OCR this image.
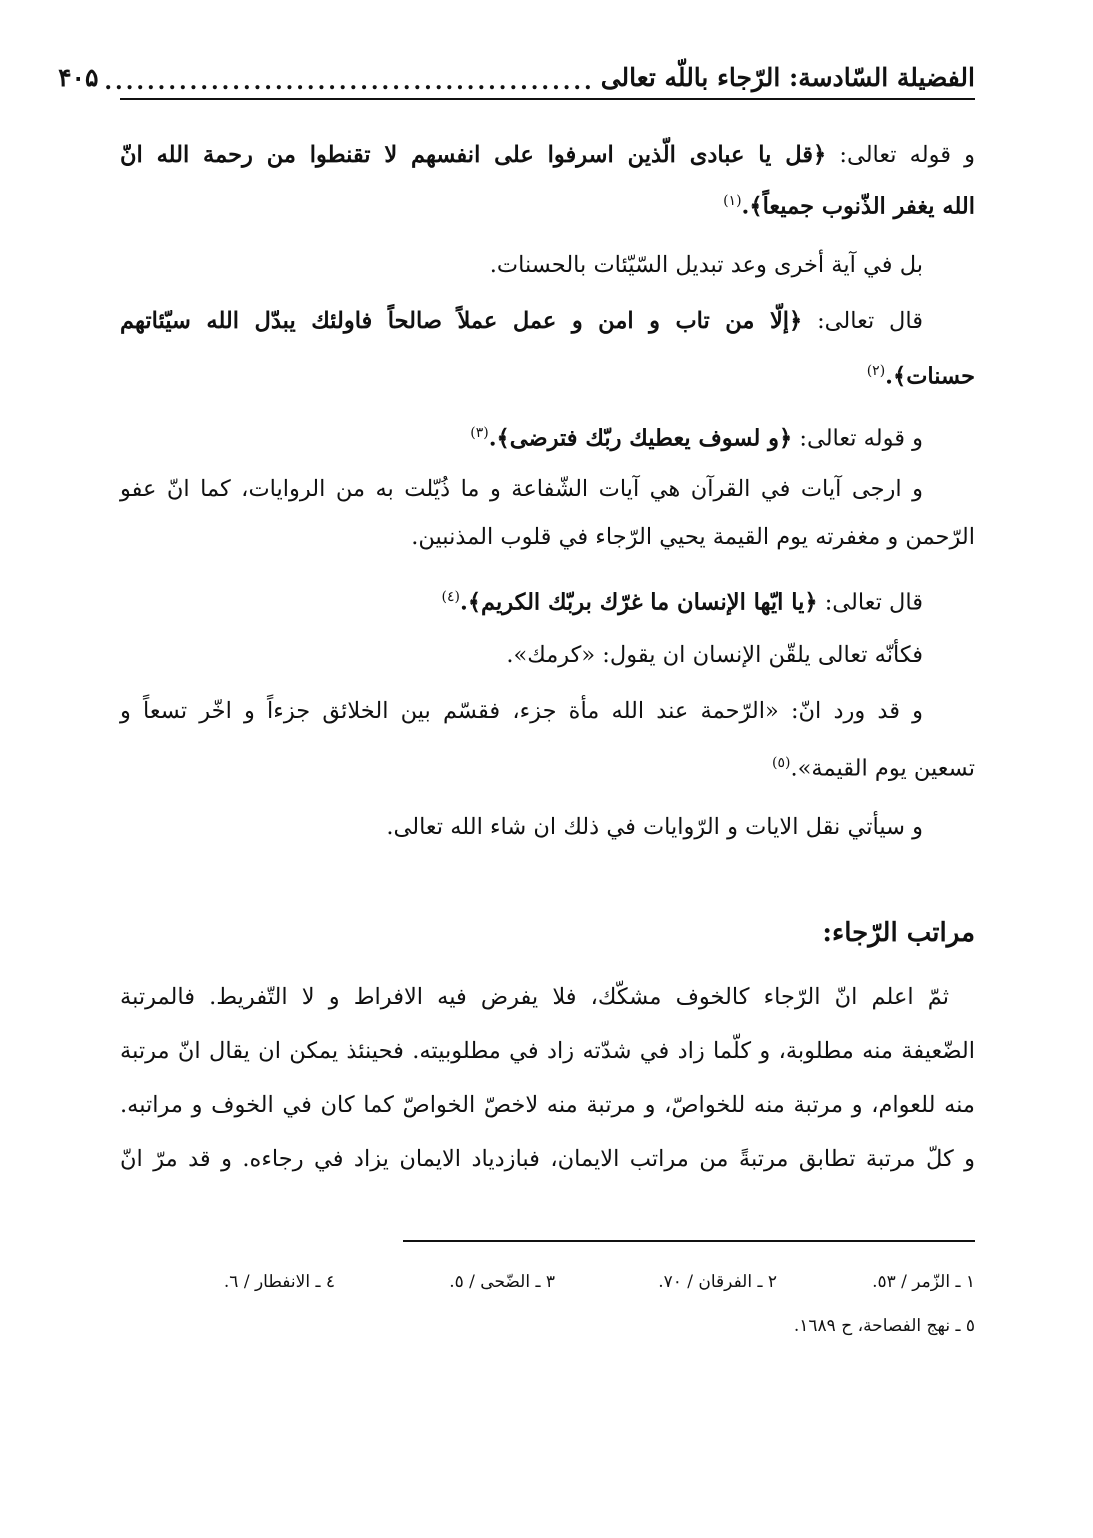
الفضيلة السّادسة: الرّجاء باللّه تعالى
..............................................
۴۰۵
و قوله تعالى: ﴿قل يا عبادى الّذين اسرفوا على انفسهم لا تقنطوا من رحمة الله انّ
الله يغفر الذّنوب جميعاً﴾.$^{(١)}$
بل في آية أخرى وعد تبديل السّيّئات بالحسنات.
قال تعالى: ﴿إلّا من تاب و امن و عمل عملاً صالحاً فاولئك يبدّل الله سيّئاتهم
حسنات﴾.$^{(٢)}$
و قوله تعالى: ﴿و لسوف يعطيك ربّك فترضى﴾.$^{(٣)}$
و ارجى آيات في القرآن هي آيات الشّفاعة و ما ذُيّلت به من الروايات، كما انّ عفو
الرّحمن و مغفرته يوم القيمة يحيي الرّجاء في قلوب المذنبين.
قال تعالى: ﴿يا ايّها الإنسان ما غرّك بربّك الكريم﴾.$^{(٤)}$
فكأنّه تعالى يلقّن الإنسان ان يقول: «كرمك».
و قد ورد انّ: «الرّحمة عند الله مأة جزء، فقسّم بين الخلائق جزءاً و اخّر تسعاً و
تسعين يوم القيمة».$^{(٥)}$
و سيأتي نقل الايات و الرّوايات في ذلك ان شاء الله تعالى.
مراتب الرّجاء:
ثمّ اعلم انّ الرّجاء كالخوف مشكّك، فلا يفرض فيه الافراط و لا التّفريط. فالمرتبة
الضّعيفة منه مطلوبة، و كلّما زاد في شدّته زاد في مطلوبيته. فحينئذ يمكن ان يقال انّ مرتبة
منه للعوام، و مرتبة منه للخواصّ، و مرتبة منه لاخصّ الخواصّ كما كان في الخوف و مراتبه.
و كلّ مرتبة تطابق مرتبةً من مراتب الايمان، فبازدياد الايمان يزاد في رجاءه. و قد مرّ انّ
١ ـ الزّمر / ٥٣.
٢ ـ الفرقان / ٧٠.
٣ ـ الضّحى / ٥.
٤ ـ الانفطار / ٦.
٥ ـ نهج الفصاحة، ح ١٦٨٩.
